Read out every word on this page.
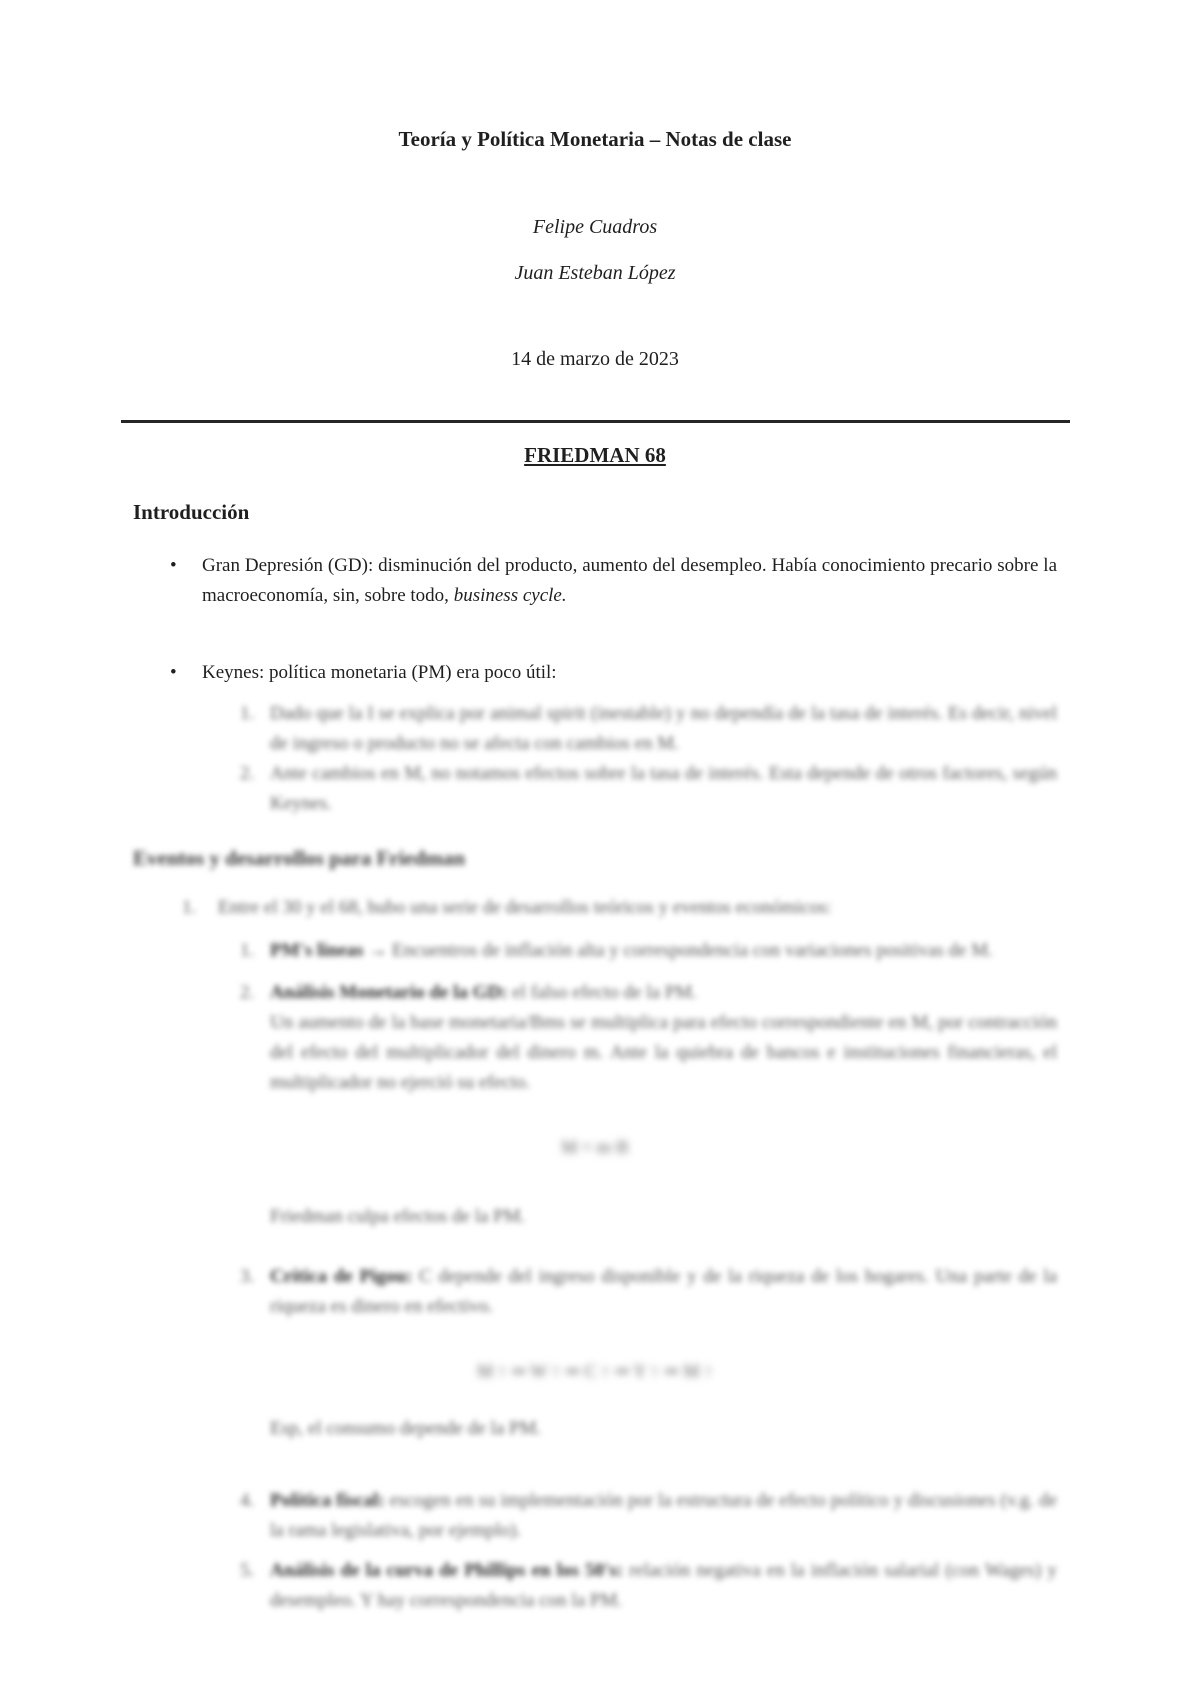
Teoría y Política Monetaria – Notas de clase
Felipe Cuadros
Juan Esteban López
14 de marzo de 2023
FRIEDMAN 68
Introducción
•	Gran Depresión (GD): disminución del producto, aumento del desempleo. Había conocimiento precario sobre la macroeconomía, sin, sobre todo, business cycle.
•	Keynes: política monetaria (PM) era poco útil:
1. Dado que la I se explica por animal spirit (inestable) y no dependía de la tasa de interés. Es decir, nivel de ingreso o producto no se afecta con cambios en M.
2. Ante cambios en M, no notamos efectos sobre la tasa de interés. Esta depende de otros factores, según Keynes.
Eventos y desarrollos para Friedman
1.	Entre el 30 y el 68, hubo una serie de desarrollos teóricos y eventos económicos:
1. PM's lineas → Encuentros de inflación alta y correspondencia con variaciones positivas de M.
2. Análisis Monetario de la GD: el falso efecto de la PM.
Un aumento de la base monetaria/Bms se multiplica para efecto correspondiente en M, por contracción del efecto del multiplicador del dinero m. Ante la quiebra de bancos e instituciones financieras, el multiplicador no ejerció su efecto.
M = m·B
Friedman culpa efectos de la PM.
3. Crítica de Pigou: C depende del ingreso disponible y de la riqueza de los hogares. Una parte de la riqueza es dinero en efectivo.
M ↑ ⇒ W ↑ ⇒ C ↑ ⇒ Y ↑ ⇒ M ↑
Esp, el consumo depende de la PM.
4. Política fiscal: escogen en su implementación por la estructura de efecto político y discusiones (v.g. de la rama legislativa, por ejemplo).
5. Análisis de la curva de Phillips en los 50's: relación negativa en la inflación salarial (con Wages) y desempleo. Y hay correspondencia con la PM.
